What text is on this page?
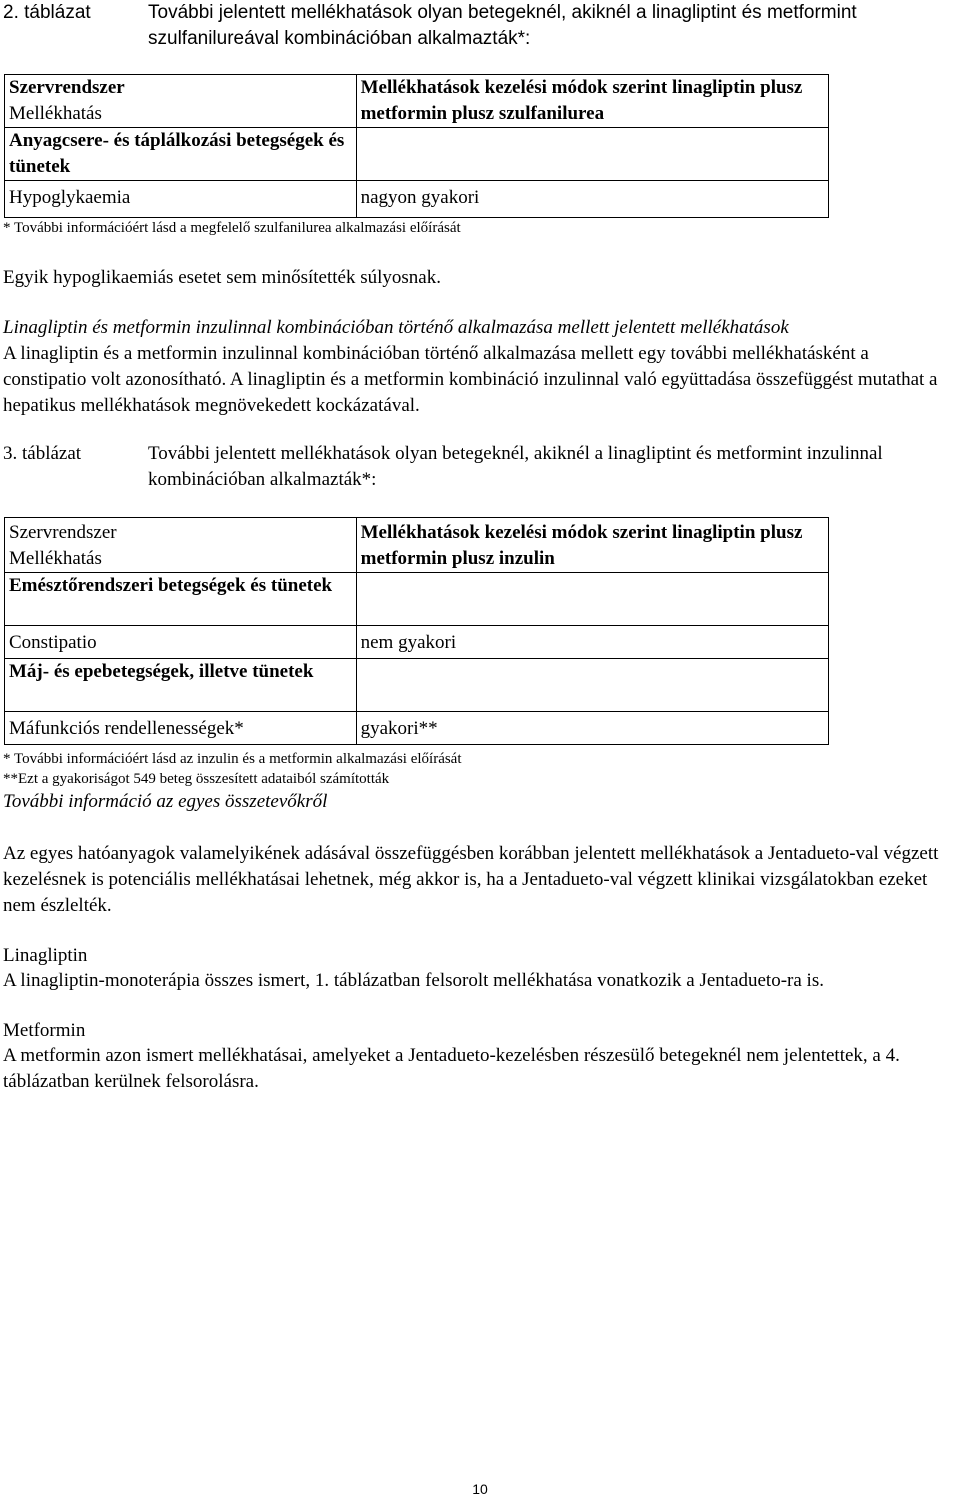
2. táblázat	További jelentett mellékhatások olyan betegeknél, akiknél a linagliptint és metformint szulfanilureával kombinációban alkalmazták*:
Szervrendszer
Mellékhatás	Mellékhatások kezelési módok szerint linagliptin plusz metformin plusz szulfanilurea
Anyagcsere- és táplálkozási betegségek és tünetek	
Hypoglykaemia	nagyon gyakori
* További információért lásd a megfelelő szulfanilurea alkalmazási előírását
Egyik hypoglikaemiás esetet sem minősítették súlyosnak.
Linagliptin és metformin inzulinnal kombinációban történő alkalmazása mellett jelentett mellékhatások
A linagliptin és a metformin inzulinnal kombinációban történő alkalmazása mellett egy további mellékhatásként a constipatio volt azonosítható. A linagliptin és a metformin kombináció inzulinnal való együttadása összefüggést mutathat a hepatikus mellékhatások megnövekedett kockázatával.
3. táblázat	További jelentett mellékhatások olyan betegeknél, akiknél a linagliptint és metformint inzulinnal kombinációban alkalmazták*:
Szervrendszer
Mellékhatás	Mellékhatások kezelési módok szerint linagliptin plusz metformin plusz inzulin
Emésztőrendszeri betegségek és tünetek	
Constipatio	nem gyakori
Máj- és epebetegségek, illetve tünetek	
Máfunkciós rendellenességek*	gyakori**
* További információért lásd az inzulin és a metformin alkalmazási előírását
**Ezt a gyakoriságot 549 beteg összesített adataiból számították
További információ az egyes összetevőkről
Az egyes hatóanyagok valamelyikének adásával összefüggésben korábban jelentett mellékhatások a Jentadueto-val végzett kezelésnek is potenciális mellékhatásai lehetnek, még akkor is, ha a Jentadueto-val végzett klinikai vizsgálatokban ezeket nem észlelték.
Linagliptin
A linagliptin-monoterápia összes ismert, 1. táblázatban felsorolt mellékhatása vonatkozik a Jentadueto-ra is.
Metformin
A metformin azon ismert mellékhatásai, amelyeket a Jentadueto-kezelésben részesülő betegeknél nem jelentettek, a 4. táblázatban kerülnek felsorolásra.
10
